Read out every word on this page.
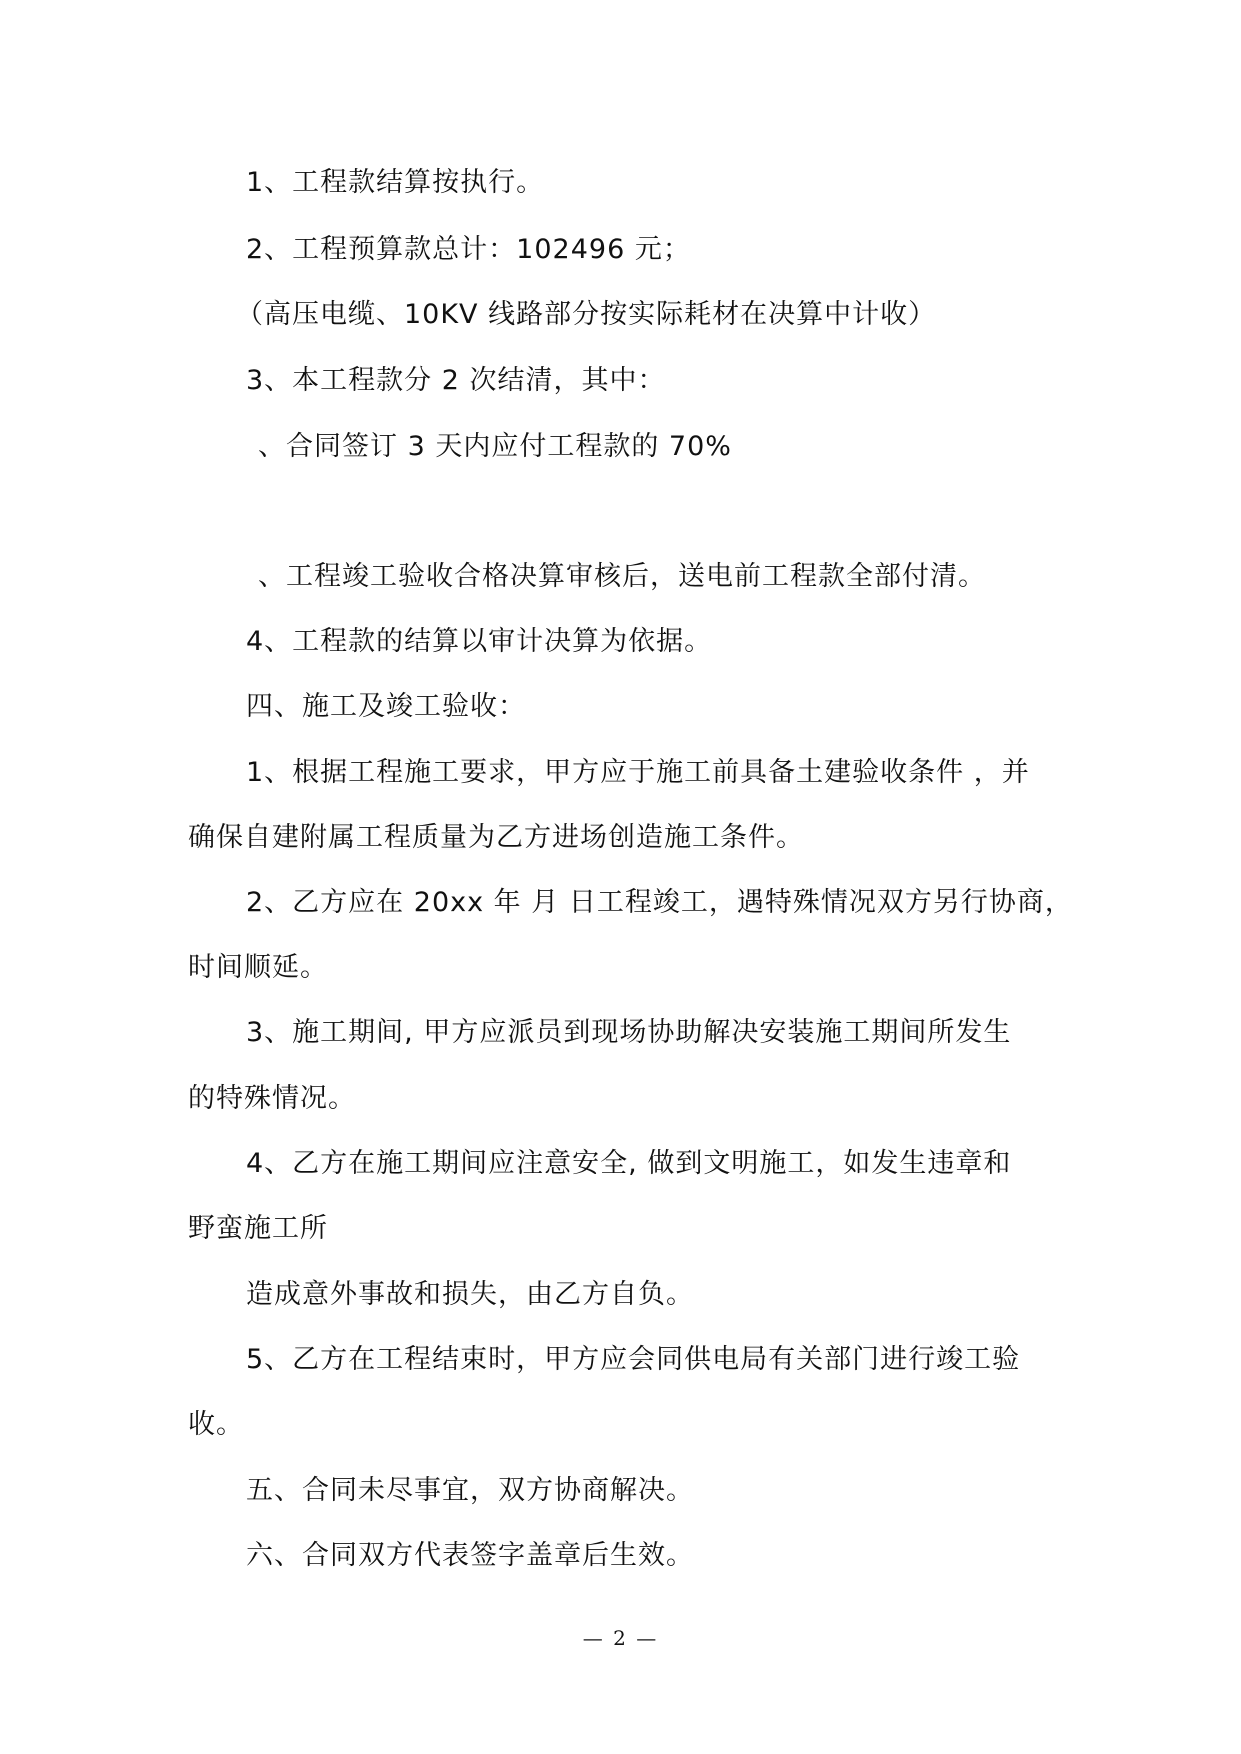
1、工程款结算按执行。
2、工程预算款总计：102496 元；
（高压电缆、10KV 线路部分按实际耗材在决算中计收）
3、本工程款分 2 次结清，其中：
、合同签订 3 天内应付工程款的 70%
、工程竣工验收合格决算审核后，送电前工程款全部付清。
4、工程款的结算以审计决算为依据。
四、施工及竣工验收：
1、根据工程施工要求，甲方应于施工前具备土建验收条件 ，并
确保自建附属工程质量为乙方进场创造施工条件。
2、乙方应在 20xx 年 月 日工程竣工，遇特殊情况双方另行协商，
时间顺延。
3、施工期间, 甲方应派员到现场协助解决安装施工期间所发生
的特殊情况。
4、乙方在施工期间应注意安全, 做到文明施工，如发生违章和
野蛮施工所
造成意外事故和损失，由乙方自负。
5、乙方在工程结束时，甲方应会同供电局有关部门进行竣工验
收。
五、合同未尽事宜，双方协商解决。
六、合同双方代表签字盖章后生效。
— 2 —
